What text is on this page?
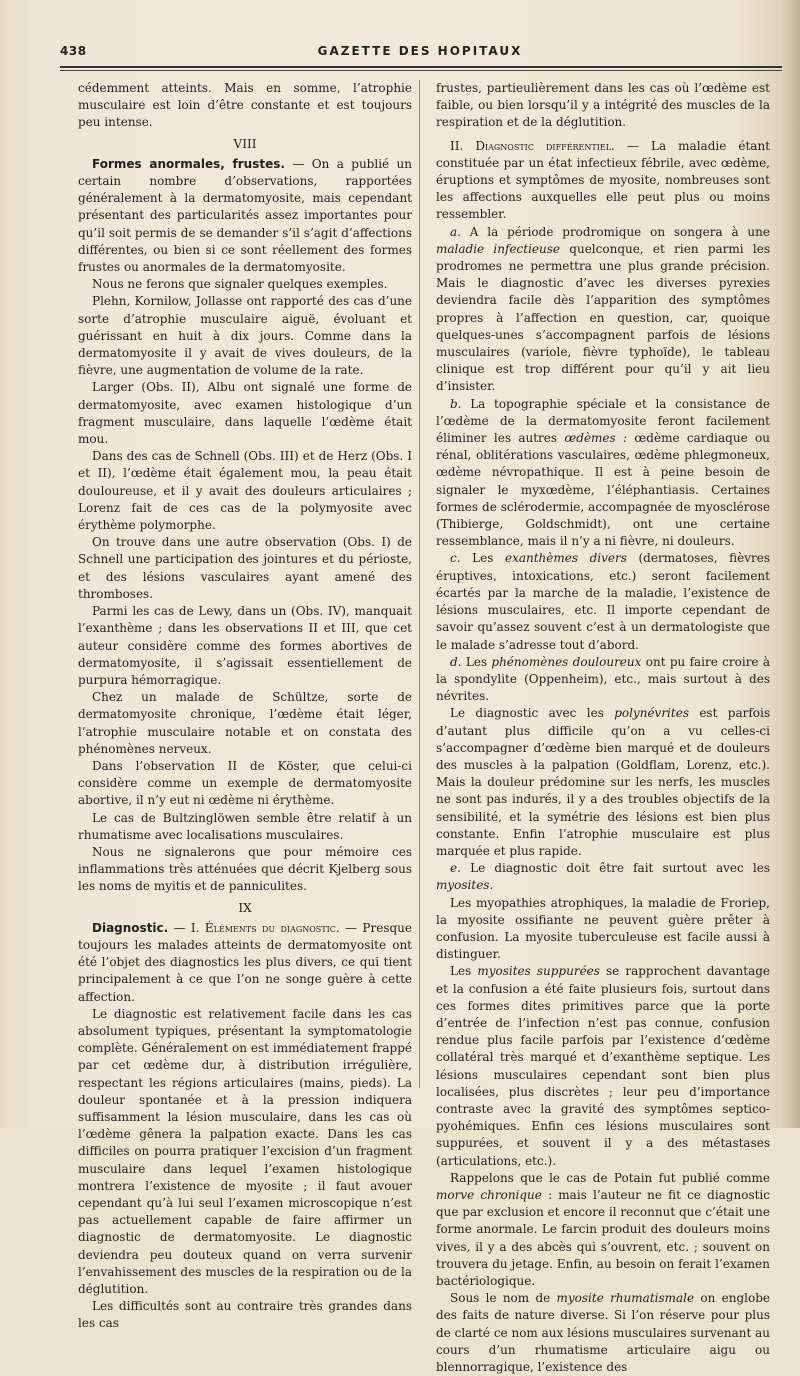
438	GAZETTE DES HOPITAUX

cédemment atteints. Mais en somme, l’atrophie musculaire est loin d’être constante et est toujours peu intense.

VIII

Formes anormales, frustes. — On a publié un certain nombre d’observations, rapportées généralement à la dermatomyosite, mais cependant présentant des particularités assez importantes pour qu’il soit permis de se demander s’il s’agit d’affections différentes, ou bien si ce sont réellement des formes frustes ou anormales de la dermatomyosite.

Nous ne ferons que signaler quelques exemples.

Plehn, Kornilow, Jollasse ont rapporté des cas d’une sorte d’atrophie musculaire aiguë, évoluant et guérissant en huit à dix jours. Comme dans la dermatomyosite il y avait de vives douleurs, de la fièvre, une augmentation de volume de la rate.

Larger (Obs. II), Albu ont signalé une forme de dermatomyosite, avec examen histologique d’un fragment musculaire, dans laquelle l’œdème était mou.

Dans des cas de Schnell (Obs. III) et de Herz (Obs. I et II), l’œdème était également mou, la peau était douloureuse, et il y avait des douleurs articulaires ; Lorenz fait de ces cas de la polymyosite avec érythème polymorphe.

On trouve dans une autre observation (Obs. I) de Schnell une participation des jointures et du périoste, et des lésions vasculaires ayant amené des thromboses.

Parmi les cas de Lewy, dans un (Obs. IV), manquait l’exanthème ; dans les observations II et III, que cet auteur considère comme des formes abortives de dermatomyosite, il s’agissait essentiellement de purpura hémorragique.

Chez un malade de Schültze, sorte de dermatomyosite chronique, l’œdème était léger, l’atrophie musculaire notable et on constata des phénomènes nerveux.

Dans l’observation II de Köster, que celui-ci considère comme un exemple de dermatomyosite abortive, il n’y eut ni œdème ni érythème.

Le cas de Bultzinglöwen semble être relatif à un rhumatisme avec localisations musculaires.

Nous ne signalerons que pour mémoire ces inflammations très atténuées que décrit Kjelberg sous les noms de myitis et de panniculites.

IX

Diagnostic. — I. Éléments du diagnostic. — Presque toujours les malades atteints de dermatomyosite ont été l’objet des diagnostics les plus divers, ce qui tient principalement à ce que l’on ne songe guère à cette affection.

Le diagnostic est relativement facile dans les cas absolument typiques, présentant la symptomatologie complète. Généralement on est immédiatement frappé par cet œdème dur, à distribution irrégulière, respectant les régions articulaires (mains, pieds). La douleur spontanée et à la pression indiquera suffisamment la lésion musculaire, dans les cas où l’œdème gênera la palpation exacte. Dans les cas difficiles on pourra pratiquer l’excision d’un fragment musculaire dans lequel l’examen histologique montrera l’existence de myosite ; il faut avouer cependant qu’à lui seul l’examen microscopique n’est pas actuellement capable de faire affirmer un diagnostic de dermatomyosite. Le diagnostic deviendra peu douteux quand on verra survenir l’envahissement des muscles de la respiration ou de la déglutition.

Les difficultés sont au contraire très grandes dans les cas

frustes, partieulièrement dans les cas où l’œdème est faible, ou bien lorsqu’il y a intégrité des muscles de la respiration et de la déglutition.

II. Diagnostic différentiel. — La maladie étant constituée par un état infectieux fébrile, avec œdème, éruptions et symptômes de myosite, nombreuses sont les affections auxquelles elle peut plus ou moins ressembler.

a. A la période prodromique on songera à une maladie infectieuse quelconque, et rien parmi les prodromes ne permettra une plus grande précision. Mais le diagnostic d’avec les diverses pyrexies deviendra facile dès l’apparition des symptômes propres à l’affection en question, car, quoique quelques-unes s’accompagnent parfois de lésions musculaires (variole, fièvre typhoïde), le tableau clinique est trop différent pour qu’il y ait lieu d’insister.

b. La topographie spéciale et la consistance de l’œdème de la dermatomyosite feront facilement éliminer les autres œdèmes : œdème cardiaque ou rénal, oblitérations vasculaires, œdème phlegmoneux, œdème névropathique. Il est à peine besoin de signaler le myxœdème, l’éléphantiasis. Certaines formes de sclérodermie, accompagnée de myosclérose (Thibierge, Goldschmidt), ont une certaine ressemblance, mais il n’y a ni fièvre, ni douleurs.

c. Les exanthèmes divers (dermatoses, fièvres éruptives, intoxications, etc.) seront facilement écartés par la marche de la maladie, l’existence de lésions musculaires, etc. Il importe cependant de savoir qu’assez souvent c’est à un dermatologiste que le malade s’adresse tout d’abord.

d. Les phénomènes douloureux ont pu faire croire à la spondylite (Oppenheim), etc., mais surtout à des névrites.

Le diagnostic avec les polynévrites est parfois d’autant plus difficile qu’on a vu celles-ci s’accompagner d’œdème bien marqué et de douleurs des muscles à la palpation (Goldflam, Lorenz, etc.). Mais la douleur prédomine sur les nerfs, les muscles ne sont pas indurés, il y a des troubles objectifs de la sensibilité, et la symétrie des lésions est bien plus constante. Enfin l’atrophie musculaire est plus marquée et plus rapide.

e. Le diagnostic doit être fait surtout avec les myosites.

Les myopathies atrophiques, la maladie de Froriep, la myosite ossifiante ne peuvent guère prêter à confusion. La myosite tuberculeuse est facile aussi à distinguer.

Les myosites suppurées se rapprochent davantage et la confusion a été faite plusieurs fois, surtout dans ces formes dites primitives parce que la porte d’entrée de l’infection n’est pas connue, confusion rendue plus facile parfois par l’existence d’œdème collatéral très marqué et d’exanthème septique. Les lésions musculaires cependant sont bien plus localisées, plus discrètes ; leur peu d’importance contraste avec la gravité des symptômes septico-pyohémiques. Enfin ces lésions musculaires sont suppurées, et souvent il y a des métastases (articulations, etc.).

Rappelons que le cas de Potain fut publié comme morve chronique : mais l’auteur ne fit ce diagnostic que par exclusion et encore il reconnut que c’était une forme anormale. Le farcin produit des douleurs moins vives, il y a des abcès qui s’ouvrent, etc. ; souvent on trouvera du jetage. Enfin, au besoin on ferait l’examen bactériologique.

Sous le nom de myosite rhumatismale on englobe des faits de nature diverse. Si l’on réserve pour plus de clarté ce nom aux lésions musculaires survenant au cours d’un rhumatisme articulaire aigu ou blennorragique, l’existence des
